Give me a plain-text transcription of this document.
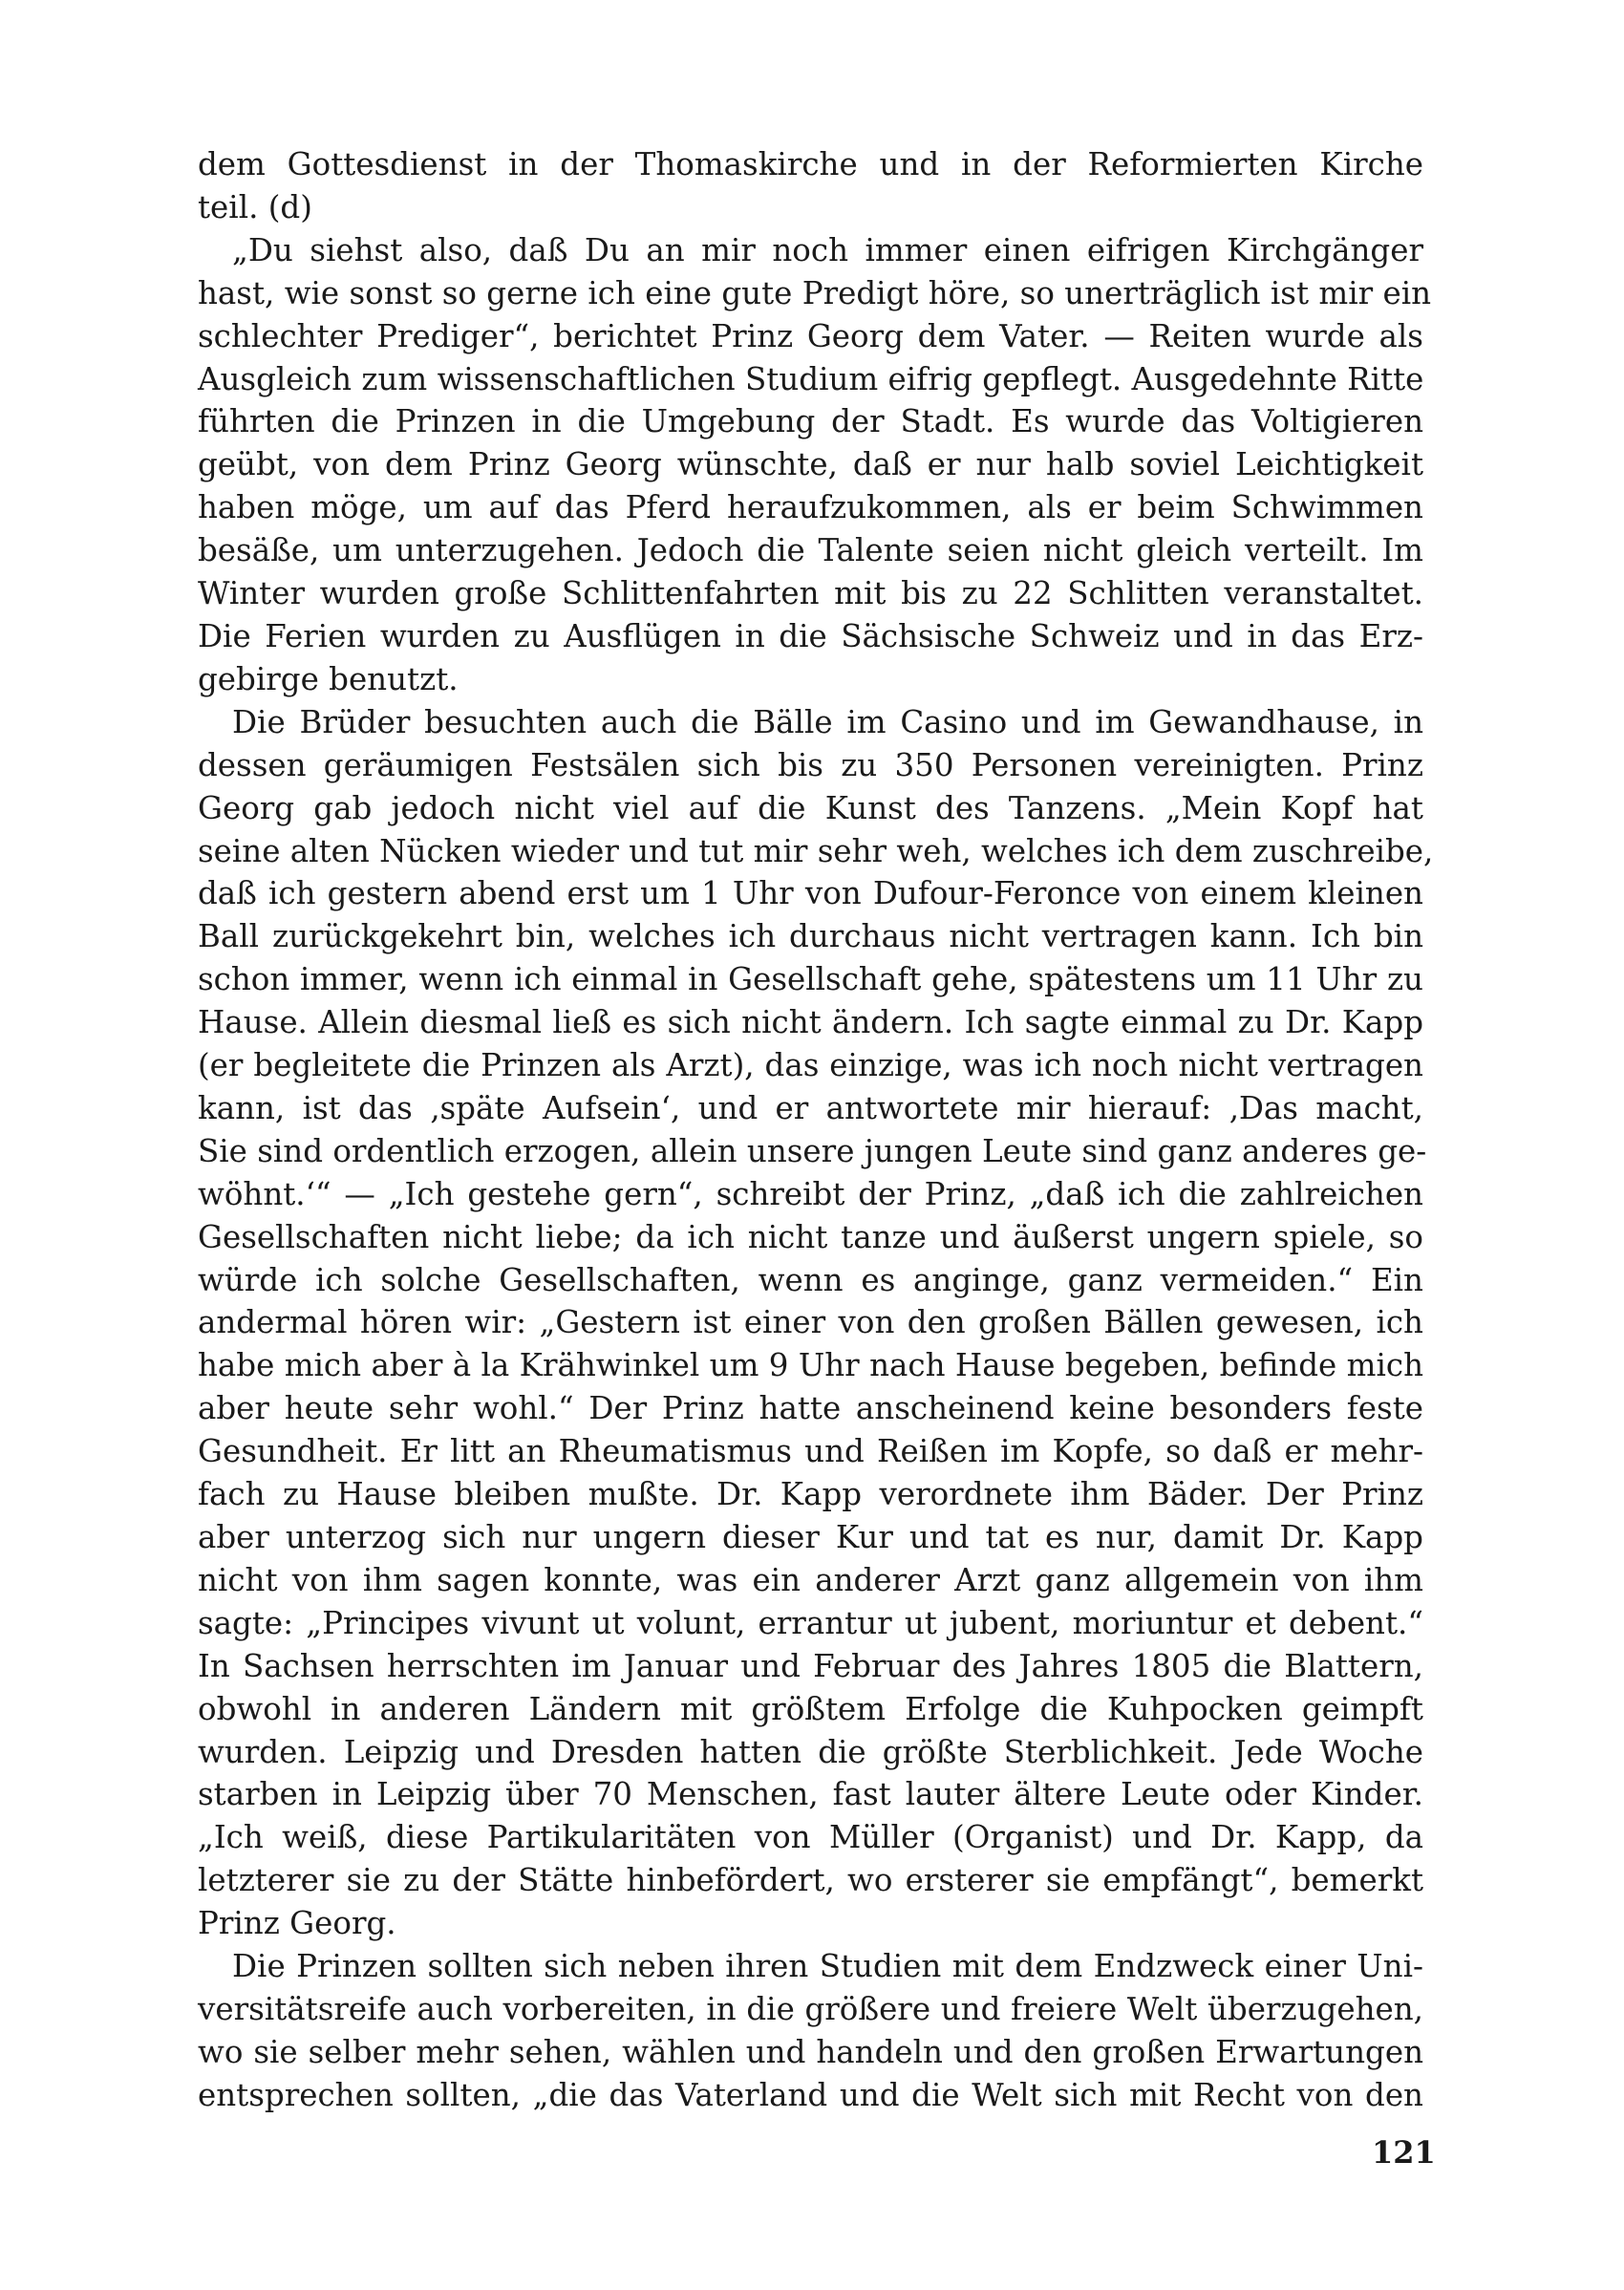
dem Gottesdienst in der Thomaskirche und in der Reformierten Kirche
teil. (d)

„Du siehst also, daß Du an mir noch immer einen eifrigen Kirchgänger
hast, wie sonst so gerne ich eine gute Predigt höre, so unerträglich ist mir ein
schlechter Prediger“, berichtet Prinz Georg dem Vater. — Reiten wurde als
Ausgleich zum wissenschaftlichen Studium eifrig gepflegt. Ausgedehnte Ritte
führten die Prinzen in die Umgebung der Stadt. Es wurde das Voltigieren
geübt, von dem Prinz Georg wünschte, daß er nur halb soviel Leichtigkeit
haben möge, um auf das Pferd heraufzukommen, als er beim Schwimmen
besäße, um unterzugehen. Jedoch die Talente seien nicht gleich verteilt. Im
Winter wurden große Schlittenfahrten mit bis zu 22 Schlitten veranstaltet.
Die Ferien wurden zu Ausflügen in die Sächsische Schweiz und in das Erz-
gebirge benutzt.

Die Brüder besuchten auch die Bälle im Casino und im Gewandhause, in
dessen geräumigen Festsälen sich bis zu 350 Personen vereinigten. Prinz
Georg gab jedoch nicht viel auf die Kunst des Tanzens. „Mein Kopf hat
seine alten Nücken wieder und tut mir sehr weh, welches ich dem zuschreibe,
daß ich gestern abend erst um 1 Uhr von Dufour-Feronce von einem kleinen
Ball zurückgekehrt bin, welches ich durchaus nicht vertragen kann. Ich bin
schon immer, wenn ich einmal in Gesellschaft gehe, spätestens um 11 Uhr zu
Hause. Allein diesmal ließ es sich nicht ändern. Ich sagte einmal zu Dr. Kapp
(er begleitete die Prinzen als Arzt), das einzige, was ich noch nicht vertragen
kann, ist das ‚späte Aufsein‘, und er antwortete mir hierauf: ‚Das macht,
Sie sind ordentlich erzogen, allein unsere jungen Leute sind ganz anderes ge-
wöhnt.‘“ — „Ich gestehe gern“, schreibt der Prinz, „daß ich die zahlreichen
Gesellschaften nicht liebe; da ich nicht tanze und äußerst ungern spiele, so
würde ich solche Gesellschaften, wenn es anginge, ganz vermeiden.“ Ein
andermal hören wir: „Gestern ist einer von den großen Bällen gewesen, ich
habe mich aber à la Krähwinkel um 9 Uhr nach Hause begeben, befinde mich
aber heute sehr wohl.“ Der Prinz hatte anscheinend keine besonders feste
Gesundheit. Er litt an Rheumatismus und Reißen im Kopfe, so daß er mehr-
fach zu Hause bleiben mußte. Dr. Kapp verordnete ihm Bäder. Der Prinz
aber unterzog sich nur ungern dieser Kur und tat es nur, damit Dr. Kapp
nicht von ihm sagen konnte, was ein anderer Arzt ganz allgemein von ihm
sagte: „Principes vivunt ut volunt, errantur ut jubent, moriuntur et debent.“
In Sachsen herrschten im Januar und Februar des Jahres 1805 die Blattern,
obwohl in anderen Ländern mit größtem Erfolge die Kuhpocken geimpft
wurden. Leipzig und Dresden hatten die größte Sterblichkeit. Jede Woche
starben in Leipzig über 70 Menschen, fast lauter ältere Leute oder Kinder.
„Ich weiß, diese Partikularitäten von Müller (Organist) und Dr. Kapp, da
letzterer sie zu der Stätte hinbefördert, wo ersterer sie empfängt“, bemerkt
Prinz Georg.

Die Prinzen sollten sich neben ihren Studien mit dem Endzweck einer Uni-
versitätsreife auch vorbereiten, in die größere und freiere Welt überzugehen,
wo sie selber mehr sehen, wählen und handeln und den großen Erwartungen
entsprechen sollten, „die das Vaterland und die Welt sich mit Recht von den

121
